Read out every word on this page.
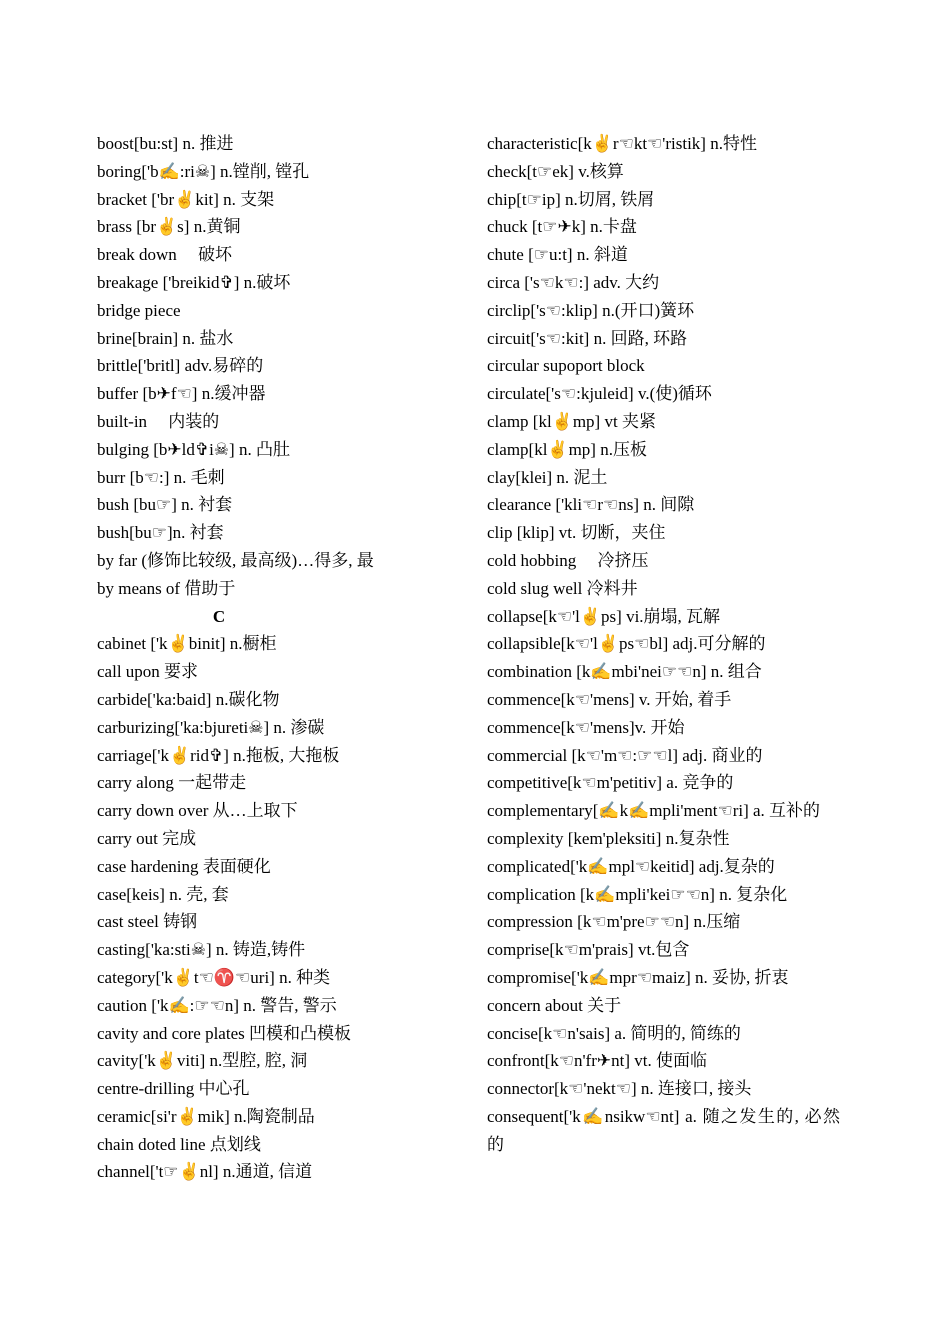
boost[bu:st] n. 推进
boring['b✍:ri☠] n.镗削, 镗孔
bracket ['br✌kit] n. 支架
brass [br✌s] n.黄铜
break down 　破坏
breakage ['breikid✞] n.破坏
bridge piece
brine[brain] n. 盐水
brittle['britl] adv.易碎的
buffer [b✈f☜] n.缓冲器
built-in 　内装的
bulging [b✈ld✞i☠] n. 凸肚
burr [b☜:] n. 毛刺
bush [bu☞] n. 衬套
bush[bu☞]n. 衬套
by far (修饰比较级, 最高级)…得多, 最
by means of 借助于
C
cabinet ['k✌binit] n.橱柜
call upon 要求
carbide['ka:baid] n.碳化物
carburizing['ka:bjureti☠] n. 渗碳
carriage['k✌rid✞] n.拖板, 大拖板
carry along 一起带走
carry down over 从…上取下
carry out 完成
case hardening 表面硬化
case[keis] n. 壳, 套
cast steel 铸钢
casting['ka:sti☠] n. 铸造,铸件
category['k✌t☜♈☜uri] n. 种类
caution ['k✍:☞☜n] n. 警告, 警示
cavity and core plates 凹模和凸模板
cavity['k✌viti] n.型腔, 腔, 洞
centre-drilling 中心孔
ceramic[si'r✌mik] n.陶瓷制品
chain doted line 点划线
channel['t☞✌nl] n.通道, 信道
characteristic[k✌r☜kt☜'ristik] n.特性
check[t☞ek] v.核算
chip[t☞ip] n.切屑, 铁屑
chuck [t☞✈k] n.卡盘
chute [☞u:t] n. 斜道
circa ['s☜k☜:] adv. 大约
circlip['s☜:klip] n.(开口)簧环
circuit['s☜:kit] n. 回路, 环路
circular supoport block
circulate['s☜:kjuleid] v.(使)循环
clamp [kl✌mp] vt 夹紧
clamp[kl✌mp] n.压板
clay[klei] n. 泥土
clearance ['kli☜r☜ns] n. 间隙
clip [klip] vt. 切断，夹住
cold hobbing 　冷挤压
cold slug well 冷料井
collapse[k☜'l✌ps] vi.崩塌, 瓦解
collapsible[k☜'l✌ps☜bl] adj.可分解的
combination [k✍mbi'nei☞☜n] n. 组合
commence[k☜'mens] v. 开始, 着手
commence[k☜'mens]v. 开始
commercial [k☜'m☜:☞☜l] adj. 商业的
competitive[k☜m'petitiv] a. 竞争的
complementary[✍k✍mpli'ment☜ri] a. 互补的
complexity [kem'pleksiti] n.复杂性
complicated['k✍mpl☜keitid] adj.复杂的
complication [k✍mpli'kei☞☜n] n. 复杂化
compression [k☜m'pre☞☜n] n.压缩
comprise[k☜m'prais] vt.包含
compromise['k✍mpr☜maiz] n. 妥协, 折衷
concern about 关于
concise[k☜n'sais] a. 简明的, 简练的
confront[k☜n'fr✈nt] vt. 使面临
connector[k☜'nekt☜] n. 连接口, 接头
consequent['k✍nsikw☜nt] a. 随之发生的, 必然的
